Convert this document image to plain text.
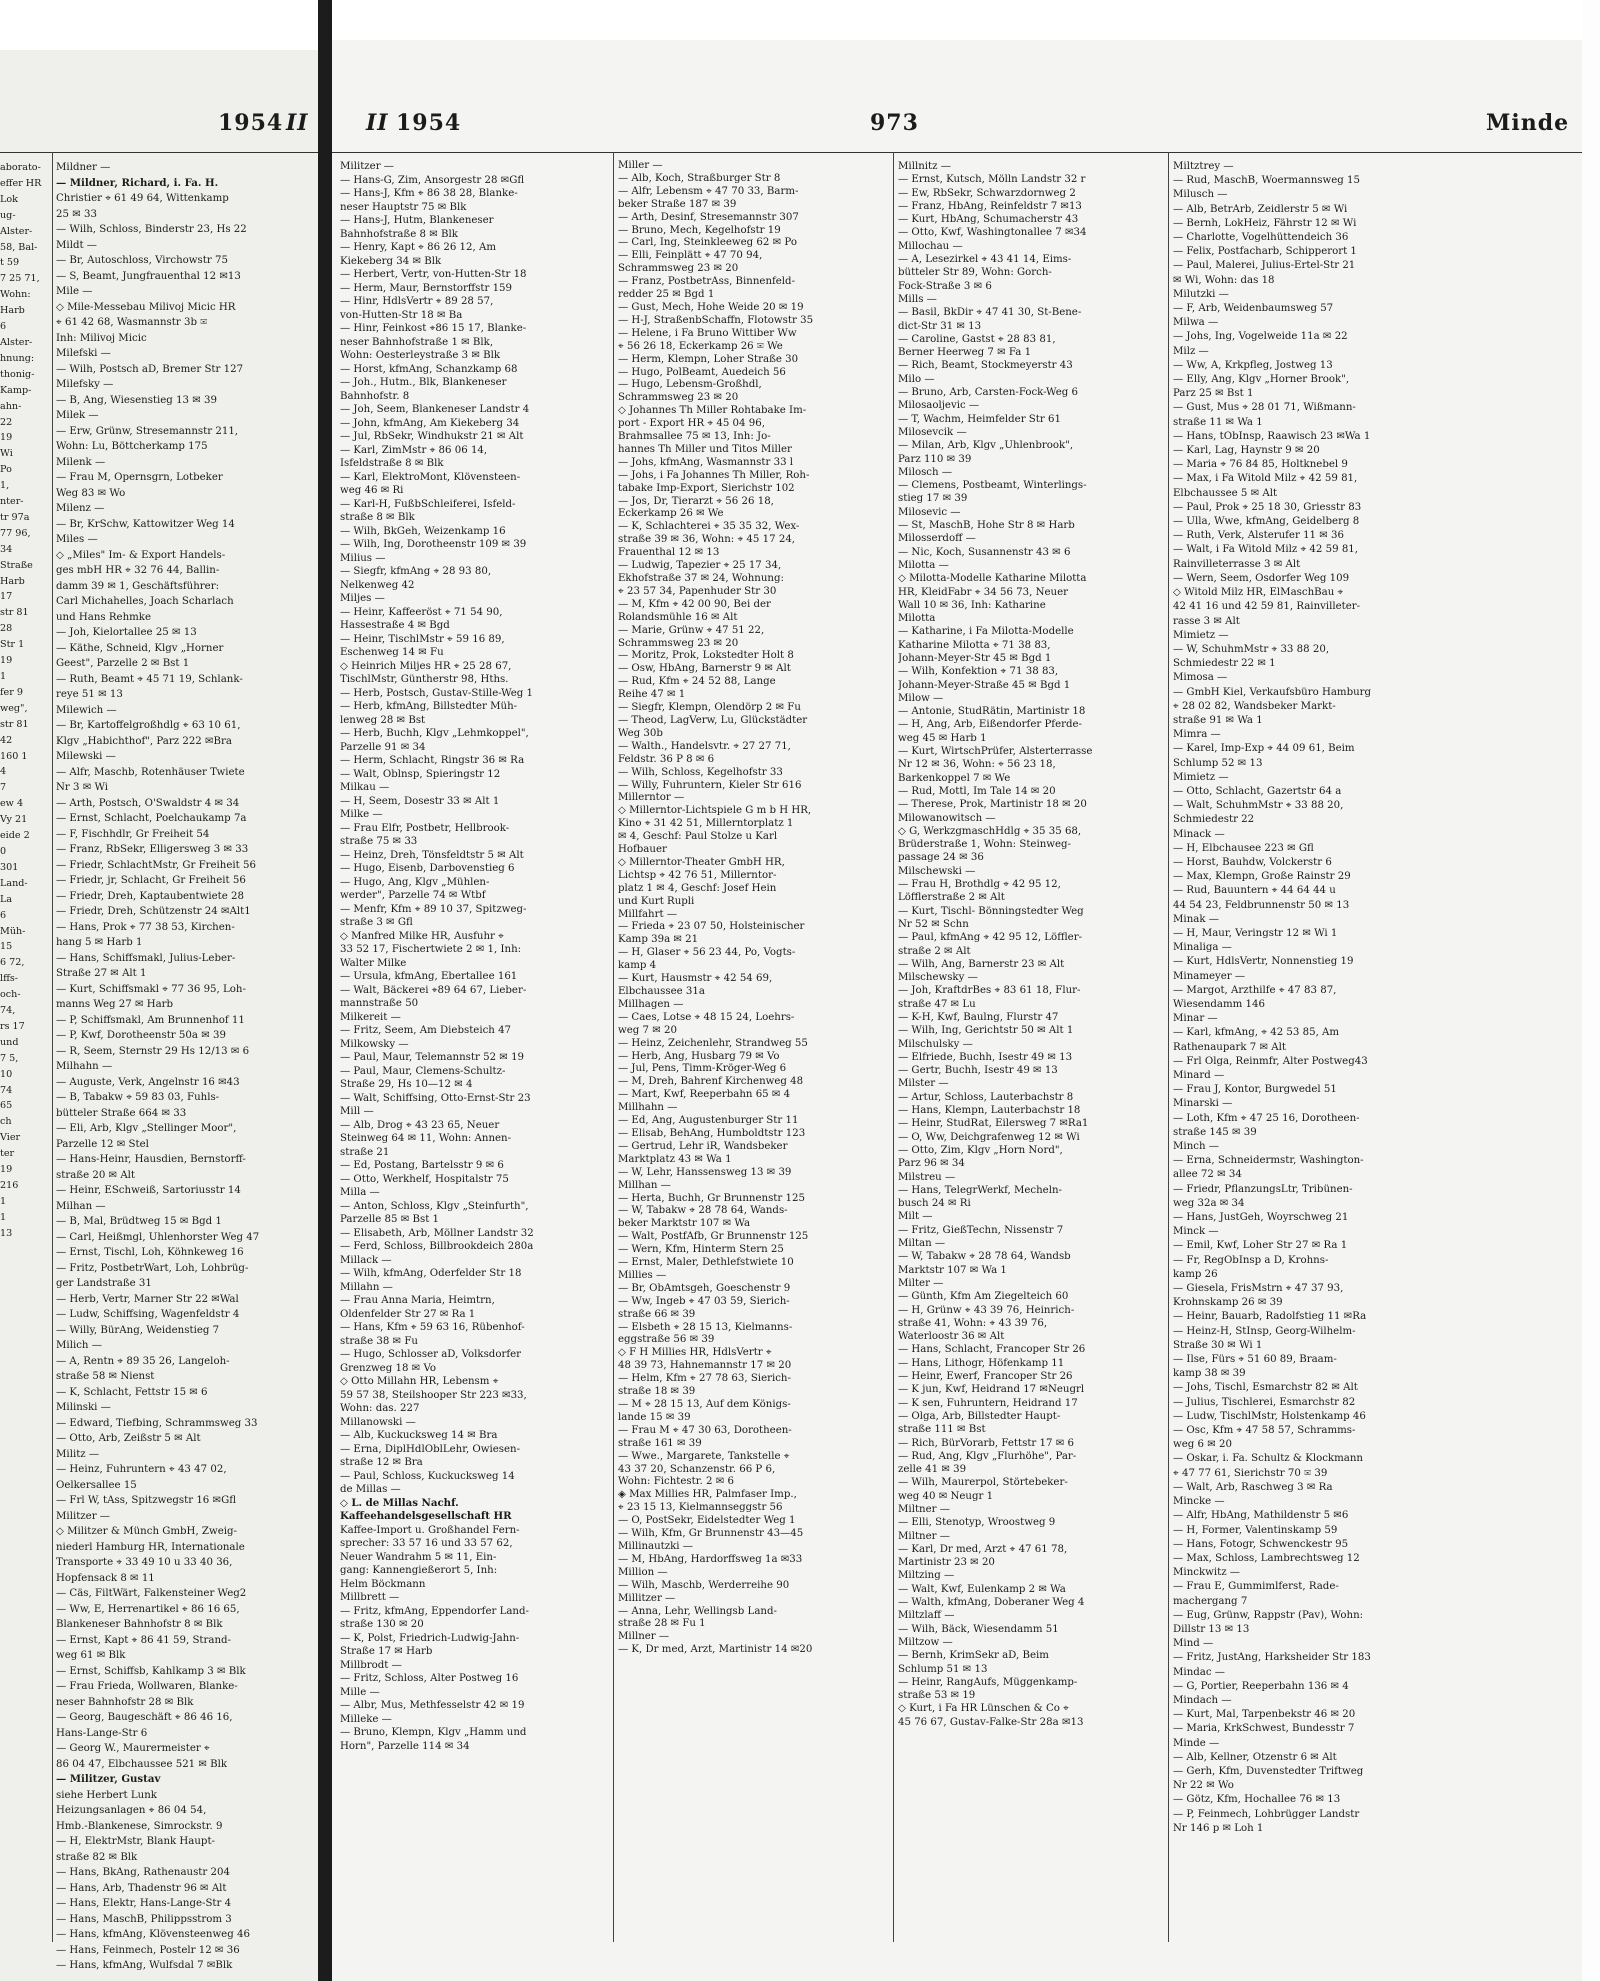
1954 II	II 1954	973	Minde
aborato-
effer HR
Lok
ug-
Alster-
58, Bal-
t 59
7 25 71,
Wohn:
Harb
6
Alster-
hnung:
thonig-
Kamp-
ahn-
22
19
Wi
Po
1,
nter-
tr 97a
77 96,
34
Straße
Harb
17
str 81
28
Str 1
19
1
fer 9
weg",
str 81
42
160 1
4
7
ew 4
Vy 21
eide 2
0
301
Land-
La
6
Müh-
15
6 72,
lffs-
och-
74,
rs 17
und
7 5,
10
74
65
ch
Vier
ter
19
216
1
1
13
Mildner —
— Mildner, Richard, i. Fa. H.
Christier ⌖ 61 49 64, Wittenkamp
25 ✉ 33
— Wilh, Schloss, Binderstr 23, Hs 22
Mildt —
— Br, Autoschloss, Virchowstr 75
— S, Beamt, Jungfrauenthal 12 ✉13
Mile —
◇ Mile-Messebau Milivoj Micic HR
⌖ 61 42 68, Wasmannstr 3b ✉
Inh: Milivoj Micic
Milefski —
— Wilh, Postsch aD, Bremer Str 127
Milefsky —
— B, Ang, Wiesenstieg 13 ✉ 39
Milek —
— Erw, Grünw, Stresemannstr 211,
Wohn: Lu, Böttcherkamp 175
Milenk —
— Frau M, Opernsgrn, Lotbeker
Weg 83 ✉ Wo
Milenz —
— Br, KrSchw, Kattowitzer Weg 14
Miles —
◇ „Miles" Im- & Export Handels-
ges mbH HR ⌖ 32 76 44, Ballin-
damm 39 ✉ 1, Geschäftsführer:
Carl Michahelles, Joach Scharlach
und Hans Rehmke
— Joh, Kielortallee 25 ✉ 13
— Käthe, Schneid, Klgv „Horner
Geest", Parzelle 2 ✉ Bst 1
— Ruth, Beamt ⌖ 45 71 19, Schlank-
reye 51 ✉ 13
Milewich —
— Br, Kartoffelgroßhdlg ⌖ 63 10 61,
Klgv „Habichthof", Parz 222 ✉Bra
Milewski —
— Alfr, Maschb, Rotenhäuser Twiete
Nr 3 ✉ Wi
— Arth, Postsch, O'Swaldstr 4 ✉ 34
— Ernst, Schlacht, Poelchaukamp 7a
— F, Fischhdlr, Gr Freiheit 54
— Franz, RbSekr, Elligersweg 3 ✉ 33
— Friedr, SchlachtMstr, Gr Freiheit 56
— Friedr, jr, Schlacht, Gr Freiheit 56
— Friedr, Dreh, Kaptaubentwiete 28
— Friedr, Dreh, Schützenstr 24 ✉Alt1
— Hans, Prok ⌖ 77 38 53, Kirchen-
hang 5 ✉ Harb 1
— Hans, Schiffsmakl, Julius-Leber-
Straße 27 ✉ Alt 1
— Kurt, Schiffsmakl ⌖ 77 36 95, Loh-
manns Weg 27 ✉ Harb
— P, Schiffsmakl, Am Brunnenhof 11
— P, Kwf, Dorotheenstr 50a ✉ 39
— R, Seem, Sternstr 29 Hs 12/13 ✉ 6
Milhahn —
— Auguste, Verk, Angelnstr 16 ✉43
— B, Tabakw ⌖ 59 83 03, Fuhls-
bütteler Straße 664 ✉ 33
— Eli, Arb, Klgv „Stellinger Moor",
Parzelle 12 ✉ Stel
— Hans-Heinr, Hausdien, Bernstorff-
straße 20 ✉ Alt
— Heinr, ESchweiß, Sartoriusstr 14
Milhan —
— B, Mal, Brüdtweg 15 ✉ Bgd 1
— Carl, Heißmgl, Uhlenhorster Weg 47
— Ernst, Tischl, Loh, Köhnkeweg 16
— Fritz, PostbetrWart, Loh, Lohbrüg-
ger Landstraße 31
— Herb, Vertr, Marner Str 22 ✉Wal
— Ludw, Schiffsing, Wagenfeldstr 4
— Willy, BürAng, Weidenstieg 7
Milich —
— A, Rentn ⌖ 89 35 26, Langeloh-
straße 58 ✉ Nienst
— K, Schlacht, Fettstr 15 ✉ 6
Milinski —
— Edward, Tiefbing, Schrammsweg 33
— Otto, Arb, Zeißstr 5 ✉ Alt
Militz —
— Heinz, Fuhruntern ⌖ 43 47 02,
Oelkersallee 15
— Frl W, tAss, Spitzwegstr 16 ✉Gfl
Militzer —
◇ Militzer & Münch GmbH, Zweig-
niederl Hamburg HR, Internationale
Transporte ⌖ 33 49 10 u 33 40 36,
Hopfensack 8 ✉ 11
— Cäs, FiltWärt, Falkensteiner Weg2
— Ww, E, Herrenartikel ⌖ 86 16 65,
Blankeneser Bahnhofstr 8 ✉ Blk
— Ernst, Kapt ⌖ 86 41 59, Strand-
weg 61 ✉ Blk
— Ernst, Schiffsb, Kahlkamp 3 ✉ Blk
— Frau Frieda, Wollwaren, Blanke-
neser Bahnhofstr 28 ✉ Blk
— Georg, Baugeschäft ⌖ 86 46 16,
Hans-Lange-Str 6
— Georg W., Maurermeister ⌖
86 04 47, Elbchaussee 521 ✉ Blk
— Militzer, Gustav
siehe Herbert Lunk
Heizungsanlagen ⌖ 86 04 54,
Hmb.-Blankenese, Simrockstr. 9
— H, ElektrMstr, Blank Haupt-
straße 82 ✉ Blk
— Hans, BkAng, Rathenaustr 204
— Hans, Arb, Thadenstr 96 ✉ Alt
— Hans, Elektr, Hans-Lange-Str 4
— Hans, MaschB, Philippsstrom 3
— Hans, kfmAng, Klövensteenweg 46
— Hans, Feinmech, Postelr 12 ✉ 36
— Hans, kfmAng, Wulfsdal 7 ✉Blk
Militzer —
— Hans-G, Zim, Ansorgestr 28 ✉Gfl
— Hans-J, Kfm ⌖ 86 38 28, Blanke-
neser Hauptstr 75 ✉ Blk
— Hans-J, Hutm, Blankeneser
Bahnhofstraße 8 ✉ Blk
— Henry, Kapt ⌖ 86 26 12, Am
Kiekeberg 34 ✉ Blk
— Herbert, Vertr, von-Hutten-Str 18
— Herm, Maur, Bernstorffstr 159
— Hinr, HdlsVertr ⌖ 89 28 57,
von-Hutten-Str 18 ✉ Ba
— Hinr, Feinkost ⌖86 15 17, Blanke-
neser Bahnhofstraße 1 ✉ Blk,
Wohn: Oesterleystraße 3 ✉ Blk
— Horst, kfmAng, Schanzkamp 68
— Joh., Hutm., Blk, Blankeneser
Bahnhofstr. 8
— Joh, Seem, Blankeneser Landstr 4
— John, kfmAng, Am Kiekeberg 34
— Jul, RbSekr, Windhukstr 21 ✉ Alt
— Karl, ZimMstr ⌖ 86 06 14,
Isfeldstraße 8 ✉ Blk
— Karl, ElektroMont, Klövensteen-
weg 46 ✉ Ri
— Karl-H, FußbSchleiferei, Isfeld-
straße 8 ✉ Blk
— Wilh, BkGeh, Weizenkamp 16
— Wilh, Ing, Dorotheenstr 109 ✉ 39
Milius —
— Siegfr, kfmAng ⌖ 28 93 80,
Nelkenweg 42
Miljes —
— Heinr, Kaffeeröst ⌖ 71 54 90,
Hassestraße 4 ✉ Bgd
— Heinr, TischlMstr ⌖ 59 16 89,
Eschenweg 14 ✉ Fu
◇ Heinrich Miljes HR ⌖ 25 28 67,
TischlMstr, Güntherstr 98, Hths.
— Herb, Postsch, Gustav-Stille-Weg 1
— Herb, kfmAng, Billstedter Müh-
lenweg 28 ✉ Bst
— Herb, Buchh, Klgv „Lehmkoppel",
Parzelle 91 ✉ 34
— Herm, Schlacht, Ringstr 36 ✉ Ra
— Walt, Oblnsp, Spieringstr 12
Milkau —
— H, Seem, Dosestr 33 ✉ Alt 1
Milke —
— Frau Elfr, Postbetr, Hellbrook-
straße 75 ✉ 33
— Heinz, Dreh, Tönsfeldtstr 5 ✉ Alt
— Hugo, Eisenb, Darbovenstieg 6
— Hugo, Ang, Klgv „Mühlen-
werder", Parzelle 74 ✉ Wtbf
— Menfr, Kfm ⌖ 89 10 37, Spitzweg-
straße 3 ✉ Gfl
◇ Manfred Milke HR, Ausfuhr ⌖
33 52 17, Fischertwiete 2 ✉ 1, Inh:
Walter Milke
— Ursula, kfmAng, Ebertallee 161
— Walt, Bäckerei ⌖89 64 67, Lieber-
mannstraße 50
Milkereit —
— Fritz, Seem, Am Diebsteich 47
Milkowsky —
— Paul, Maur, Telemannstr 52 ✉ 19
— Paul, Maur, Clemens-Schultz-
Straße 29, Hs 10—12 ✉ 4
— Walt, Schiffsing, Otto-Ernst-Str 23
Mill —
— Alb, Drog ⌖ 43 23 65, Neuer
Steinweg 64 ✉ 11, Wohn: Annen-
straße 21
— Ed, Postang, Bartelsstr 9 ✉ 6
— Otto, Werkhelf, Hospitalstr 75
Milla —
— Anton, Schloss, Klgv „Steinfurth",
Parzelle 85 ✉ Bst 1
— Elisabeth, Arb, Möllner Landstr 32
— Ferd, Schloss, Billbrookdeich 280a
Millack —
— Wilh, kfmAng, Oderfelder Str 18
Millahn —
— Frau Anna Maria, Heimtrn,
Oldenfelder Str 27 ✉ Ra 1
— Hans, Kfm ⌖ 59 63 16, Rübenhof-
straße 38 ✉ Fu
— Hugo, Schlosser aD, Volksdorfer
Grenzweg 18 ✉ Vo
◇ Otto Millahn HR, Lebensm ⌖
59 57 38, Steilshooper Str 223 ✉33,
Wohn: das. 227
Millanowski —
— Alb, Kuckucksweg 14 ✉ Bra
— Erna, DiplHdlOblLehr, Owiesen-
straße 12 ✉ Bra
— Paul, Schloss, Kuckucksweg 14
de Millas —
◇ L. de Millas Nachf.
Kaffeehandelsgesellschaft HR
Kaffee-Import u. Großhandel Fern-
sprecher: 33 57 16 und 33 57 62,
Neuer Wandrahm 5 ✉ 11, Ein-
gang: Kannengießerort 5, Inh:
Helm Böckmann
Millbrett —
— Fritz, kfmAng, Eppendorfer Land-
straße 130 ✉ 20
— K, Polst, Friedrich-Ludwig-Jahn-
Straße 17 ✉ Harb
Millbrodt —
— Fritz, Schloss, Alter Postweg 16
Mille —
— Albr, Mus, Methfesselstr 42 ✉ 19
Milleke —
— Bruno, Klempn, Klgv „Hamm und
Horn", Parzelle 114 ✉ 34
Miller —
— Alb, Koch, Straßburger Str 8
— Alfr, Lebensm ⌖ 47 70 33, Barm-
beker Straße 187 ✉ 39
— Arth, Desinf, Stresemannstr 307
— Bruno, Mech, Kegelhofstr 19
— Carl, Ing, Steinkleeweg 62 ✉ Po
— Elli, Feinplätt ⌖ 47 70 94,
Schrammsweg 23 ✉ 20
— Franz, PostbetrAss, Binnenfeld-
redder 25 ✉ Bgd 1
— Gust, Mech, Hohe Weide 20 ✉ 19
— H-J, StraßenbSchaffn, Flotowstr 35
— Helene, i Fa Bruno Wittiber Ww
⌖ 56 26 18, Eckerkamp 26 ✉ We
— Herm, Klempn, Loher Straße 30
— Hugo, PolBeamt, Auedeich 56
— Hugo, Lebensm-Großhdl,
Schrammsweg 23 ✉ 20
◇ Johannes Th Miller Rohtabake Im-
port - Export HR ⌖ 45 04 96,
Brahmsallee 75 ✉ 13, Inh: Jo-
hannes Th Miller und Titos Miller
— Johs, kfmAng, Wasmannstr 33 l
— Johs, i Fa Johannes Th Miller, Roh-
tabake Imp-Export, Sierichstr 102
— Jos, Dr, Tierarzt ⌖ 56 26 18,
Eckerkamp 26 ✉ We
— K, Schlachterei ⌖ 35 35 32, Wex-
straße 39 ✉ 36, Wohn: ⌖ 45 17 24,
Frauenthal 12 ✉ 13
— Ludwig, Tapezier ⌖ 25 17 34,
Ekhofstraße 37 ✉ 24, Wohnung:
⌖ 23 57 34, Papenhuder Str 30
— M, Kfm ⌖ 42 00 90, Bei der
Rolandsmühle 16 ✉ Alt
— Marie, Grünw ⌖ 47 51 22,
Schrammsweg 23 ✉ 20
— Moritz, Prok, Lokstedter Holt 8
— Osw, HbAng, Barnerstr 9 ✉ Alt
— Rud, Kfm ⌖ 24 52 88, Lange
Reihe 47 ✉ 1
— Siegfr, Klempn, Olendörp 2 ✉ Fu
— Theod, LagVerw, Lu, Glückstädter
Weg 30b
— Walth., Handelsvtr. ⌖ 27 27 71,
Feldstr. 36 P 8 ✉ 6
— Wilh, Schloss, Kegelhofstr 33
— Willy, Fuhruntern, Kieler Str 616
Millerntor —
◇ Millerntor-Lichtspiele G m b H HR,
Kino ⌖ 31 42 51, Millerntorplatz 1
✉ 4, Geschf: Paul Stolze u Karl
Hofbauer
◇ Millerntor-Theater GmbH HR,
Lichtsp ⌖ 42 76 51, Millerntor-
platz 1 ✉ 4, Geschf: Josef Hein
und Kurt Rupli
Millfahrt —
— Frieda ⌖ 23 07 50, Holsteinischer
Kamp 39a ✉ 21
— H, Glaser ⌖ 56 23 44, Po, Vogts-
kamp 4
— Kurt, Hausmstr ⌖ 42 54 69,
Elbchaussee 31a
Millhagen —
— Caes, Lotse ⌖ 48 15 24, Loehrs-
weg 7 ✉ 20
— Heinz, Zeichenlehr, Strandweg 55
— Herb, Ang, Husbarg 79 ✉ Vo
— Jul, Pens, Timm-Kröger-Weg 6
— M, Dreh, Bahrenf Kirchenweg 48
— Mart, Kwf, Reeperbahn 65 ✉ 4
Millhahn —
— Ed, Ang, Augustenburger Str 11
— Elisab, BehAng, Humboldtstr 123
— Gertrud, Lehr iR, Wandsbeker
Marktplatz 43 ✉ Wa 1
— W, Lehr, Hanssensweg 13 ✉ 39
Millhan —
— Herta, Buchh, Gr Brunnenstr 125
— W, Tabakw ⌖ 28 78 64, Wands-
beker Marktstr 107 ✉ Wa
— Walt, PostfAfb, Gr Brunnenstr 125
— Wern, Kfm, Hinterm Stern 25
— Ernst, Maler, Dethlefstwiete 10
Millies —
— Br, ObAmtsgeh, Goeschenstr 9
— Ww, Ingeb ⌖ 47 03 59, Sierich-
straße 66 ✉ 39
— Elsbeth ⌖ 28 15 13, Kielmanns-
eggstraße 56 ✉ 39
◇ F H Millies HR, HdlsVertr ⌖
48 39 73, Hahnemannstr 17 ✉ 20
— Helm, Kfm ⌖ 27 78 63, Sierich-
straße 18 ✉ 39
— M ⌖ 28 15 13, Auf dem Königs-
lande 15 ✉ 39
— Frau M ⌖ 47 30 63, Dorotheen-
straße 161 ✉ 39
— Wwe., Margarete, Tankstelle ⌖
43 37 20, Schanzenstr. 66 P 6,
Wohn: Fichtestr. 2 ✉ 6
◈ Max Millies HR, Palmfaser Imp.,
⌖ 23 15 13, Kielmannseggstr 56
— O, PostSekr, Eidelstedter Weg 1
— Wilh, Kfm, Gr Brunnenstr 43—45
Millinautzki —
— M, HbAng, Hardorffsweg 1a ✉33
Million —
— Wilh, Maschb, Werderreihe 90
Millitzer —
— Anna, Lehr, Wellingsb Land-
straße 28 ✉ Fu 1
Millner —
— K, Dr med, Arzt, Martinistr 14 ✉20
Millnitz —
— Ernst, Kutsch, Mölln Landstr 32 r
— Ew, RbSekr, Schwarzdornweg 2
— Franz, HbAng, Reinfeldstr 7 ✉13
— Kurt, HbAng, Schumacherstr 43
— Otto, Kwf, Washingtonallee 7 ✉34
Millochau —
— A, Lesezirkel ⌖ 43 41 14, Eims-
bütteler Str 89, Wohn: Gorch-
Fock-Straße 3 ✉ 6
Mills —
— Basil, BkDir ⌖ 47 41 30, St-Bene-
dict-Str 31 ✉ 13
— Caroline, Gastst ⌖ 28 83 81,
Berner Heerweg 7 ✉ Fa 1
— Rich, Beamt, Stockmeyerstr 43
Milo —
— Bruno, Arb, Carsten-Fock-Weg 6
Milosaoljevic —
— T, Wachm, Heimfelder Str 61
Milosevcik —
— Milan, Arb, Klgv „Uhlenbrook",
Parz 110 ✉ 39
Milosch —
— Clemens, Postbeamt, Winterlings-
stieg 17 ✉ 39
Milosevic —
— St, MaschB, Hohe Str 8 ✉ Harb
Milosserdoff —
— Nic, Koch, Susannenstr 43 ✉ 6
Milotta —
◇ Milotta-Modelle Katharine Milotta
HR, KleidFabr ⌖ 34 56 73, Neuer
Wall 10 ✉ 36, Inh: Katharine
Milotta
— Katharine, i Fa Milotta-Modelle
Katharine Milotta ⌖ 71 38 83,
Johann-Meyer-Str 45 ✉ Bgd 1
— Wilh, Konfektion ⌖ 71 38 83,
Johann-Meyer-Straße 45 ✉ Bgd 1
Milow —
— Antonie, StudRätin, Martinistr 18
— H, Ang, Arb, Eißendorfer Pferde-
weg 45 ✉ Harb 1
— Kurt, WirtschPrüfer, Alsterterrasse
Nr 12 ✉ 36, Wohn: ⌖ 56 23 18,
Barkenkoppel 7 ✉ We
— Rud, Mottl, Im Tale 14 ✉ 20
— Therese, Prok, Martinistr 18 ✉ 20
Milowanowitsch —
◇ G, WerkzgmaschHdlg ⌖ 35 35 68,
Brüderstraße 1, Wohn: Steinweg-
passage 24 ✉ 36
Milschewski —
— Frau H, Brothdlg ⌖ 42 95 12,
Löfflerstraße 2 ✉ Alt
— Kurt, Tischl- Bönningstedter Weg
Nr 52 ✉ Schn
— Paul, kfmAng ⌖ 42 95 12, Löffler-
straße 2 ✉ Alt
— Wilh, Ang, Barnerstr 23 ✉ Alt
Milschewsky —
— Joh, KraftdrBes ⌖ 83 61 18, Flur-
straße 47 ✉ Lu
— K-H, Kwf, Baulng, Flurstr 47
— Wilh, Ing, Gerichtstr 50 ✉ Alt 1
Milschulsky —
— Elfriede, Buchh, Isestr 49 ✉ 13
— Gertr, Buchh, Isestr 49 ✉ 13
Milster —
— Artur, Schloss, Lauterbachstr 8
— Hans, Klempn, Lauterbachstr 18
— Heinr, StudRat, Eilersweg 7 ✉Ra1
— O, Ww, Deichgrafenweg 12 ✉ Wi
— Otto, Zim, Klgv „Horn Nord",
Parz 96 ✉ 34
Milstreu —
— Hans, TelegrWerkf, Mecheln-
busch 24 ✉ Ri
Milt —
— Fritz, GießTechn, Nissenstr 7
Miltan —
— W, Tabakw ⌖ 28 78 64, Wandsb
Marktstr 107 ✉ Wa 1
Milter —
— Günth, Kfm Am Ziegelteich 60
— H, Grünw ⌖ 43 39 76, Heinrich-
straße 41, Wohn: ⌖ 43 39 76,
Waterloostr 36 ✉ Alt
— Hans, Schlacht, Francoper Str 26
— Hans, Lithogr, Höfenkamp 11
— Heinr, Ewerf, Francoper Str 26
— K jun, Kwf, Heidrand 17 ✉Neugrl
— K sen, Fuhruntern, Heidrand 17
— Olga, Arb, Billstedter Haupt-
straße 111 ✉ Bst
— Rich, BürVorarb, Fettstr 17 ✉ 6
— Rud, Ang, Klgv „Flurhöhe", Par-
zelle 41 ✉ 39
— Wilh, Maurerpol, Störtebeker-
weg 40 ✉ Neugr 1
Miltner —
— Elli, Stenotyp, Wroostweg 9
Miltner —
— Karl, Dr med, Arzt ⌖ 47 61 78,
Martinistr 23 ✉ 20
Miltzing —
— Walt, Kwf, Eulenkamp 2 ✉ Wa
— Walth, kfmAng, Doberaner Weg 4
Miltzlaff —
— Wilh, Bäck, Wiesendamm 51
Miltzow —
— Bernh, KrimSekr aD, Beim
Schlump 51 ✉ 13
— Heinr, RangAufs, Müggenkamp-
straße 53 ✉ 19
◇ Kurt, i Fa HR Lünschen & Co ⌖
45 76 67, Gustav-Falke-Str 28a ✉13
Miltztrey —
— Rud, MaschB, Woermannsweg 15
Milusch —
— Alb, BetrArb, Zeidlerstr 5 ✉ Wi
— Bernh, LokHeiz, Fährstr 12 ✉ Wi
— Charlotte, Vogelhüttendeich 36
— Felix, Postfacharb, Schipperort 1
— Paul, Malerei, Julius-Ertel-Str 21
✉ Wi, Wohn: das 18
Milutzki —
— F, Arb, Weidenbaumsweg 57
Milwa —
— Johs, Ing, Vogelweide 11a ✉ 22
Milz —
— Ww, A, Krkpfleg, Jostweg 13
— Elly, Ang, Klgv „Horner Brook",
Parz 25 ✉ Bst 1
— Gust, Mus ⌖ 28 01 71, Wißmann-
straße 11 ✉ Wa 1
— Hans, tObInsp, Raawisch 23 ✉Wa 1
— Karl, Lag, Haynstr 9 ✉ 20
— Maria ⌖ 76 84 85, Holtknebel 9
— Max, i Fa Witold Milz ⌖ 42 59 81,
Elbchaussee 5 ✉ Alt
— Paul, Prok ⌖ 25 18 30, Griesstr 83
— Ulla, Wwe, kfmAng, Geidelberg 8
— Ruth, Verk, Alsterufer 11 ✉ 36
— Walt, i Fa Witold Milz ⌖ 42 59 81,
Rainvilleterrasse 3 ✉ Alt
— Wern, Seem, Osdorfer Weg 109
◇ Witold Milz HR, ElMaschBau ⌖
42 41 16 und 42 59 81, Rainvilleter-
rasse 3 ✉ Alt
Mimietz —
— W, SchuhmMstr ⌖ 33 88 20,
Schmiedestr 22 ✉ 1
Mimosa —
— GmbH Kiel, Verkaufsbüro Hamburg
⌖ 28 02 82, Wandsbeker Markt-
straße 91 ✉ Wa 1
Mimra —
— Karel, Imp-Exp ⌖ 44 09 61, Beim
Schlump 52 ✉ 13
Mimietz —
— Otto, Schlacht, Gazertstr 64 a
— Walt, SchuhmMstr ⌖ 33 88 20,
Schmiedestr 22
Minack —
— H, Elbchausee 223 ✉ Gfl
— Horst, Bauhdw, Volckerstr 6
— Max, Klempn, Große Rainstr 29
— Rud, Bauuntern ⌖ 44 64 44 u
44 54 23, Feldbrunnenstr 50 ✉ 13
Minak —
— H, Maur, Veringstr 12 ✉ Wi 1
Minaliga —
— Kurt, HdlsVertr, Nonnenstieg 19
Minameyer —
— Margot, Arzthilfe ⌖ 47 83 87,
Wiesendamm 146
Minar —
— Karl, kfmAng, ⌖ 42 53 85, Am
Rathenaupark 7 ✉ Alt
— Frl Olga, Reinmfr, Alter Postweg43
Minard —
— Frau J, Kontor, Burgwedel 51
Minarski —
— Loth, Kfm ⌖ 47 25 16, Dorotheen-
straße 145 ✉ 39
Minch —
— Erna, Schneidermstr, Washington-
allee 72 ✉ 34
— Friedr, PflanzungsLtr, Tribünen-
weg 32a ✉ 34
— Hans, JustGeh, Woyrschweg 21
Minck —
— Emil, Kwf, Loher Str 27 ✉ Ra 1
— Fr, RegObInsp a D, Krohns-
kamp 26
— Giesela, FrisMstrn ⌖ 47 37 93,
Krohnskamp 26 ✉ 39
— Heinr, Bauarb, Radolfstieg 11 ✉Ra
— Heinz-H, StInsp, Georg-Wilhelm-
Straße 30 ✉ Wi 1
— Ilse, Fürs ⌖ 51 60 89, Braam-
kamp 38 ✉ 39
— Johs, Tischl, Esmarchstr 82 ✉ Alt
— Julius, Tischlerei, Esmarchstr 82
— Ludw, TischlMstr, Holstenkamp 46
— Osc, Kfm ⌖ 47 58 57, Schramms-
weg 6 ✉ 20
— Oskar, i. Fa. Schultz & Klockmann
⌖ 47 77 61, Sierichstr 70 ✉ 39
— Walt, Arb, Raschweg 3 ✉ Ra
Mincke —
— Alfr, HbAng, Mathildenstr 5 ✉6
— H, Former, Valentinskamp 59
— Hans, Fotogr, Schwenckestr 95
— Max, Schloss, Lambrechtsweg 12
Minckwitz —
— Frau E, Gummimlferst, Rade-
machergang 7
— Eug, Grünw, Rappstr (Pav), Wohn:
Dillstr 13 ✉ 13
Mind —
— Fritz, JustAng, Harksheider Str 183
Mindac —
— G, Portier, Reeperbahn 136 ✉ 4
Mindach —
— Kurt, Mal, Tarpenbekstr 46 ✉ 20
— Maria, KrkSchwest, Bundesstr 7
Minde —
— Alb, Kellner, Otzenstr 6 ✉ Alt
— Gerh, Kfm, Duvenstedter Triftweg
Nr 22 ✉ Wo
— Götz, Kfm, Hochallee 76 ✉ 13
— P, Feinmech, Lohbrügger Landstr
Nr 146 p ✉ Loh 1
